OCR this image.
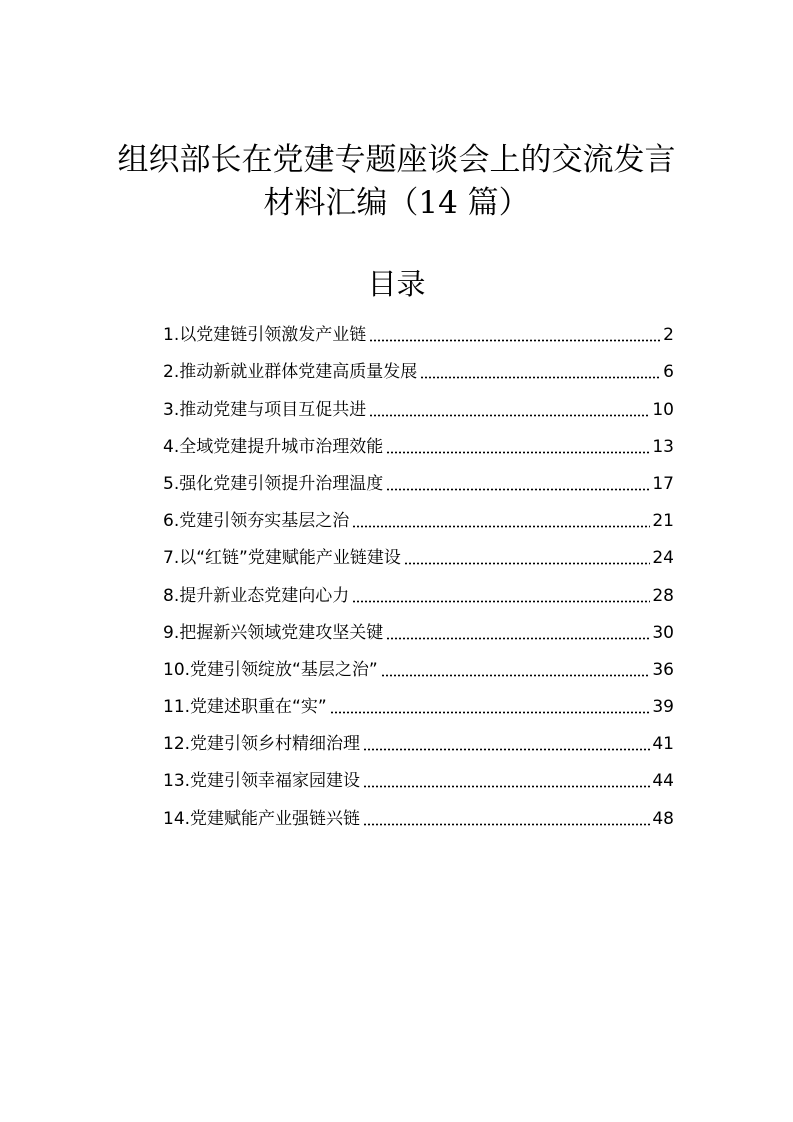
组织部长在党建专题座谈会上的交流发言
材料汇编（14 篇）
目录
1.以党建链引领激发产业链	2
2.推动新就业群体党建高质量发展	6
3.推动党建与项目互促共进	10
4.全域党建提升城市治理效能	13
5.强化党建引领提升治理温度	17
6.党建引领夯实基层之治	21
7.以“红链”党建赋能产业链建设	24
8.提升新业态党建向心力	28
9.把握新兴领域党建攻坚关键	30
10.党建引领绽放“基层之治”	36
11.党建述职重在“实”	39
12.党建引领乡村精细治理	41
13.党建引领幸福家园建设	44
14.党建赋能产业强链兴链	48
